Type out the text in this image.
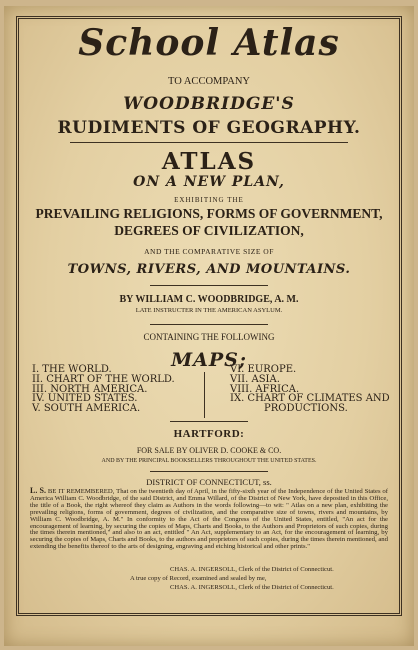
School Atlas
TO ACCOMPANY
WOODBRIDGE'S
RUDIMENTS OF GEOGRAPHY.
ATLAS
ON A NEW PLAN,
EXHIBITING THE
PREVAILING RELIGIONS, FORMS OF GOVERNMENT,
DEGREES OF CIVILIZATION,
AND THE COMPARATIVE SIZE OF
TOWNS, RIVERS, AND MOUNTAINS.
BY WILLIAM C. WOODBRIDGE, A. M.
LATE INSTRUCTER IN THE AMERICAN ASYLUM.
CONTAINING THE FOLLOWING
MAPS;
I. THE WORLD.
II. CHART OF THE WORLD.
III. NORTH AMERICA.
IV. UNITED STATES.
V. SOUTH AMERICA.
VI. EUROPE.
VII. ASIA.
VIII. AFRICA.
IX. CHART OF CLIMATES AND
PRODUCTIONS.
HARTFORD:
FOR SALE BY OLIVER D. COOKE & CO.
AND BY THE PRINCIPAL BOOKSELLERS THROUGHOUT THE UNITED STATES.
DISTRICT OF CONNECTICUT, ss.
L. S. BE IT REMEMBERED, That on the twentieth day of April, in the fifty-sixth year of the Independence of the United States of America William C. Woodbridge, of the said District, and Emma Willard, of the District of New York, have deposited in this Office, the title of a Book, the right whereof they claim as Authors in the words following—to wit: " Atlas on a new plan, exhibiting the prevailing religions, forms of government, degrees of civilization, and the comparative size of towns, rivers and mountains, by William C. Woodbridge, A. M." In conformity to the Act of the Congress of the United States, entitled, "An act for the encouragement of learning, by securing the copies of Maps, Charts and Books, to the Authors and Proprietors of such copies, during the times therein mentioned," and also to an act, entitled " An Act, supplementary to an Act, for the encouragement of learning, by securing the copies of Maps, Charts and Books, to the authors and proprietors of such copies, during the times therein mentioned, and extending the benefits thereof to the arts of designing, engraving and etching historical and other prints."
CHAS. A. INGERSOLL, Clerk of the District of Connecticut.
A true copy of Record, examined and sealed by me,
CHAS. A. INGERSOLL, Clerk of the District of Connecticut.
